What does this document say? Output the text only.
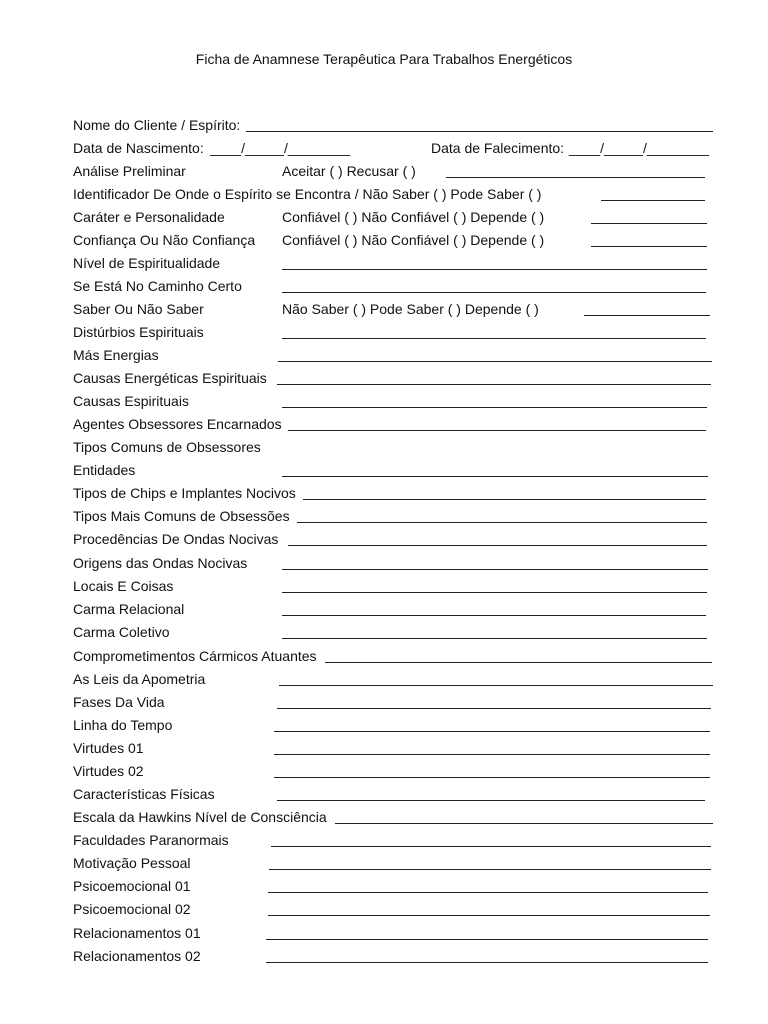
Ficha de Anamnese Terapêutica Para Trabalhos Energéticos
Nome do Cliente / Espírito:
Data de Nascimento: ____/_____/________	Data de Falecimento: ____/_____/________
Análise Preliminar	Aceitar ( ) Recusar ( )
Identificador De Onde o Espírito se Encontra / Não Saber ( ) Pode Saber ( )
Caráter e Personalidade	Confiável ( ) Não Confiável ( ) Depende ( )
Confiança Ou Não Confiança Confiável ( ) Não Confiável ( ) Depende ( )
Nível de Espiritualidade
Se Está No Caminho Certo
Saber Ou Não Saber	Não Saber ( ) Pode Saber ( ) Depende ( )
Distúrbios Espirituais
Más Energias
Causas Energéticas Espirituais
Causas Espirituais
Agentes Obsessores Encarnados
Tipos Comuns de Obsessores
Entidades
Tipos de Chips e Implantes Nocivos
Tipos Mais Comuns de Obsessões
Procedências De Ondas Nocivas
Origens das Ondas Nocivas
Locais E Coisas
Carma Relacional
Carma Coletivo
Comprometimentos Cármicos Atuantes
As Leis da Apometria
Fases Da Vida
Linha do Tempo
Virtudes 01
Virtudes 02
Características Físicas
Escala da Hawkins Nível de Consciência
Faculdades Paranormais
Motivação Pessoal
Psicoemocional 01
Psicoemocional 02
Relacionamentos 01
Relacionamentos 02
